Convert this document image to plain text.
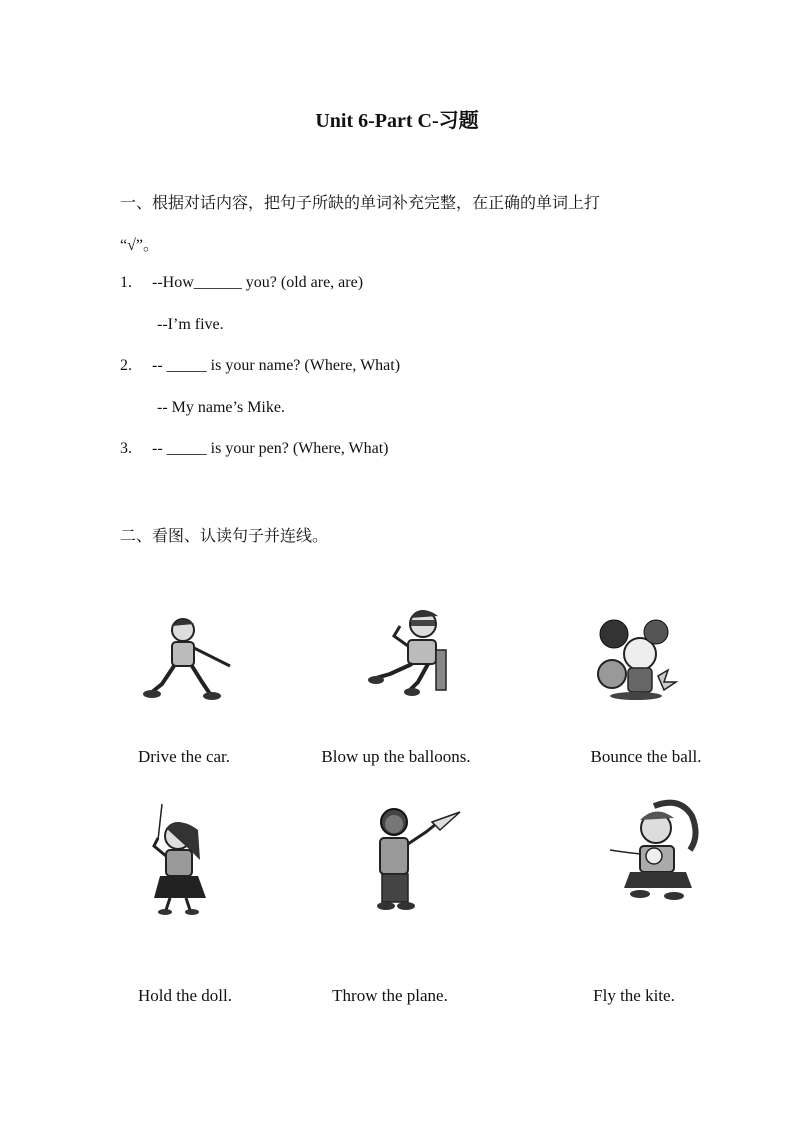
Unit 6-Part C-习题
一、根据对话内容，把句子所缺的单词补充完整，在正确的单词上打
“√”。
1. --How______ you? (old are, are)
--I’m five.
2. -- _____ is your name? (Where, What)
-- My name’s Mike.
3. -- _____ is your pen? (Where, What)
二、看图、认读句子并连线。
Drive the car.	Blow up the balloons.	Bounce the ball.
Hold the doll.	Throw the plane.	Fly the kite.
